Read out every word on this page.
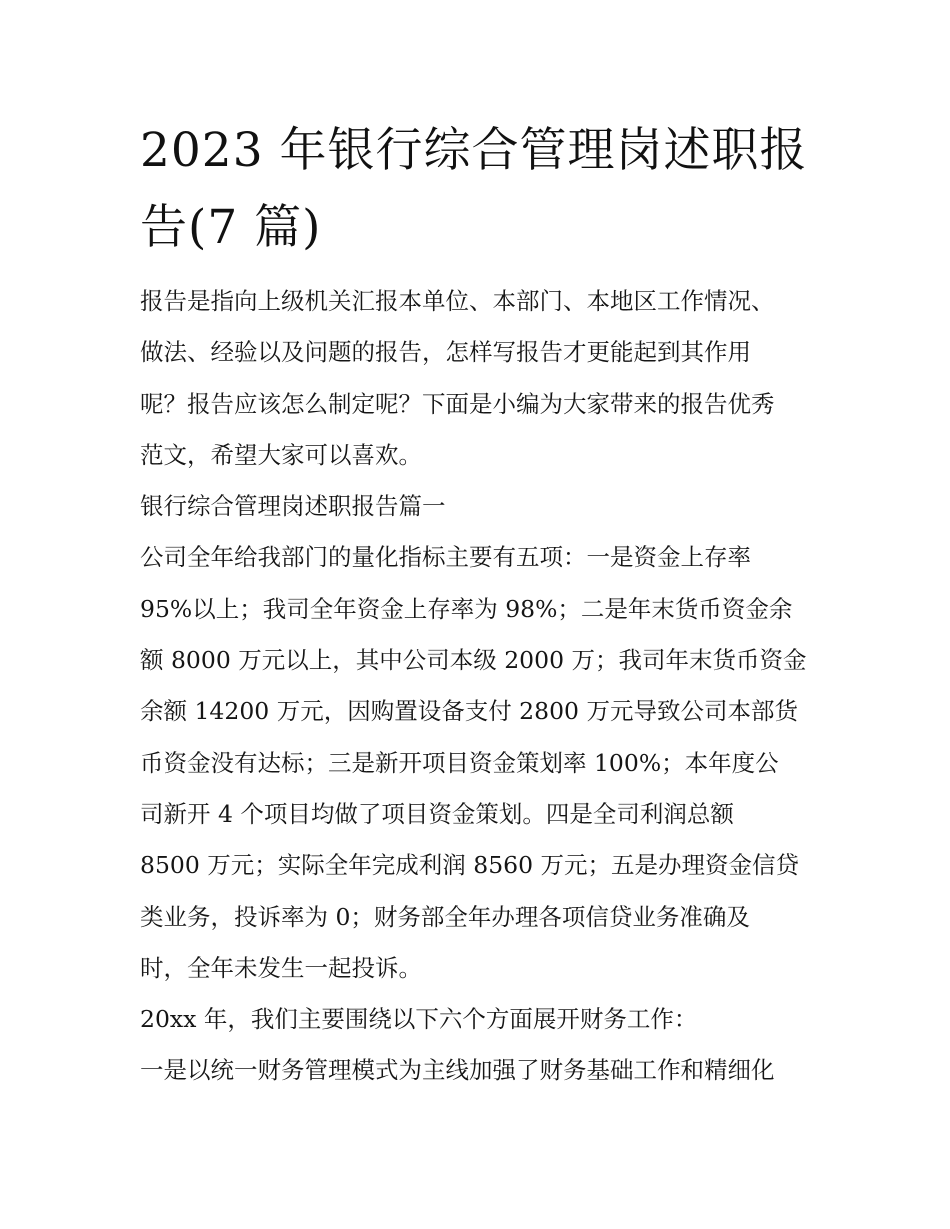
2023 年银行综合管理岗述职报
告(7 篇)
报告是指向上级机关汇报本单位、本部门、本地区工作情况、
做法、经验以及问题的报告，怎样写报告才更能起到其作用
呢？报告应该怎么制定呢？下面是小编为大家带来的报告优秀
范文，希望大家可以喜欢。
银行综合管理岗述职报告篇一
公司全年给我部门的量化指标主要有五项：一是资金上存率
95%以上；我司全年资金上存率为 98%；二是年末货币资金余
额 8000 万元以上，其中公司本级 2000 万；我司年末货币资金
余额 14200 万元，因购置设备支付 2800 万元导致公司本部货
币资金没有达标；三是新开项目资金策划率 100%；本年度公
司新开 4 个项目均做了项目资金策划。四是全司利润总额
8500 万元；实际全年完成利润 8560 万元；五是办理资金信贷
类业务，投诉率为 0；财务部全年办理各项信贷业务准确及
时，全年未发生一起投诉。
20xx 年，我们主要围绕以下六个方面展开财务工作：
一是以统一财务管理模式为主线加强了财务基础工作和精细化
